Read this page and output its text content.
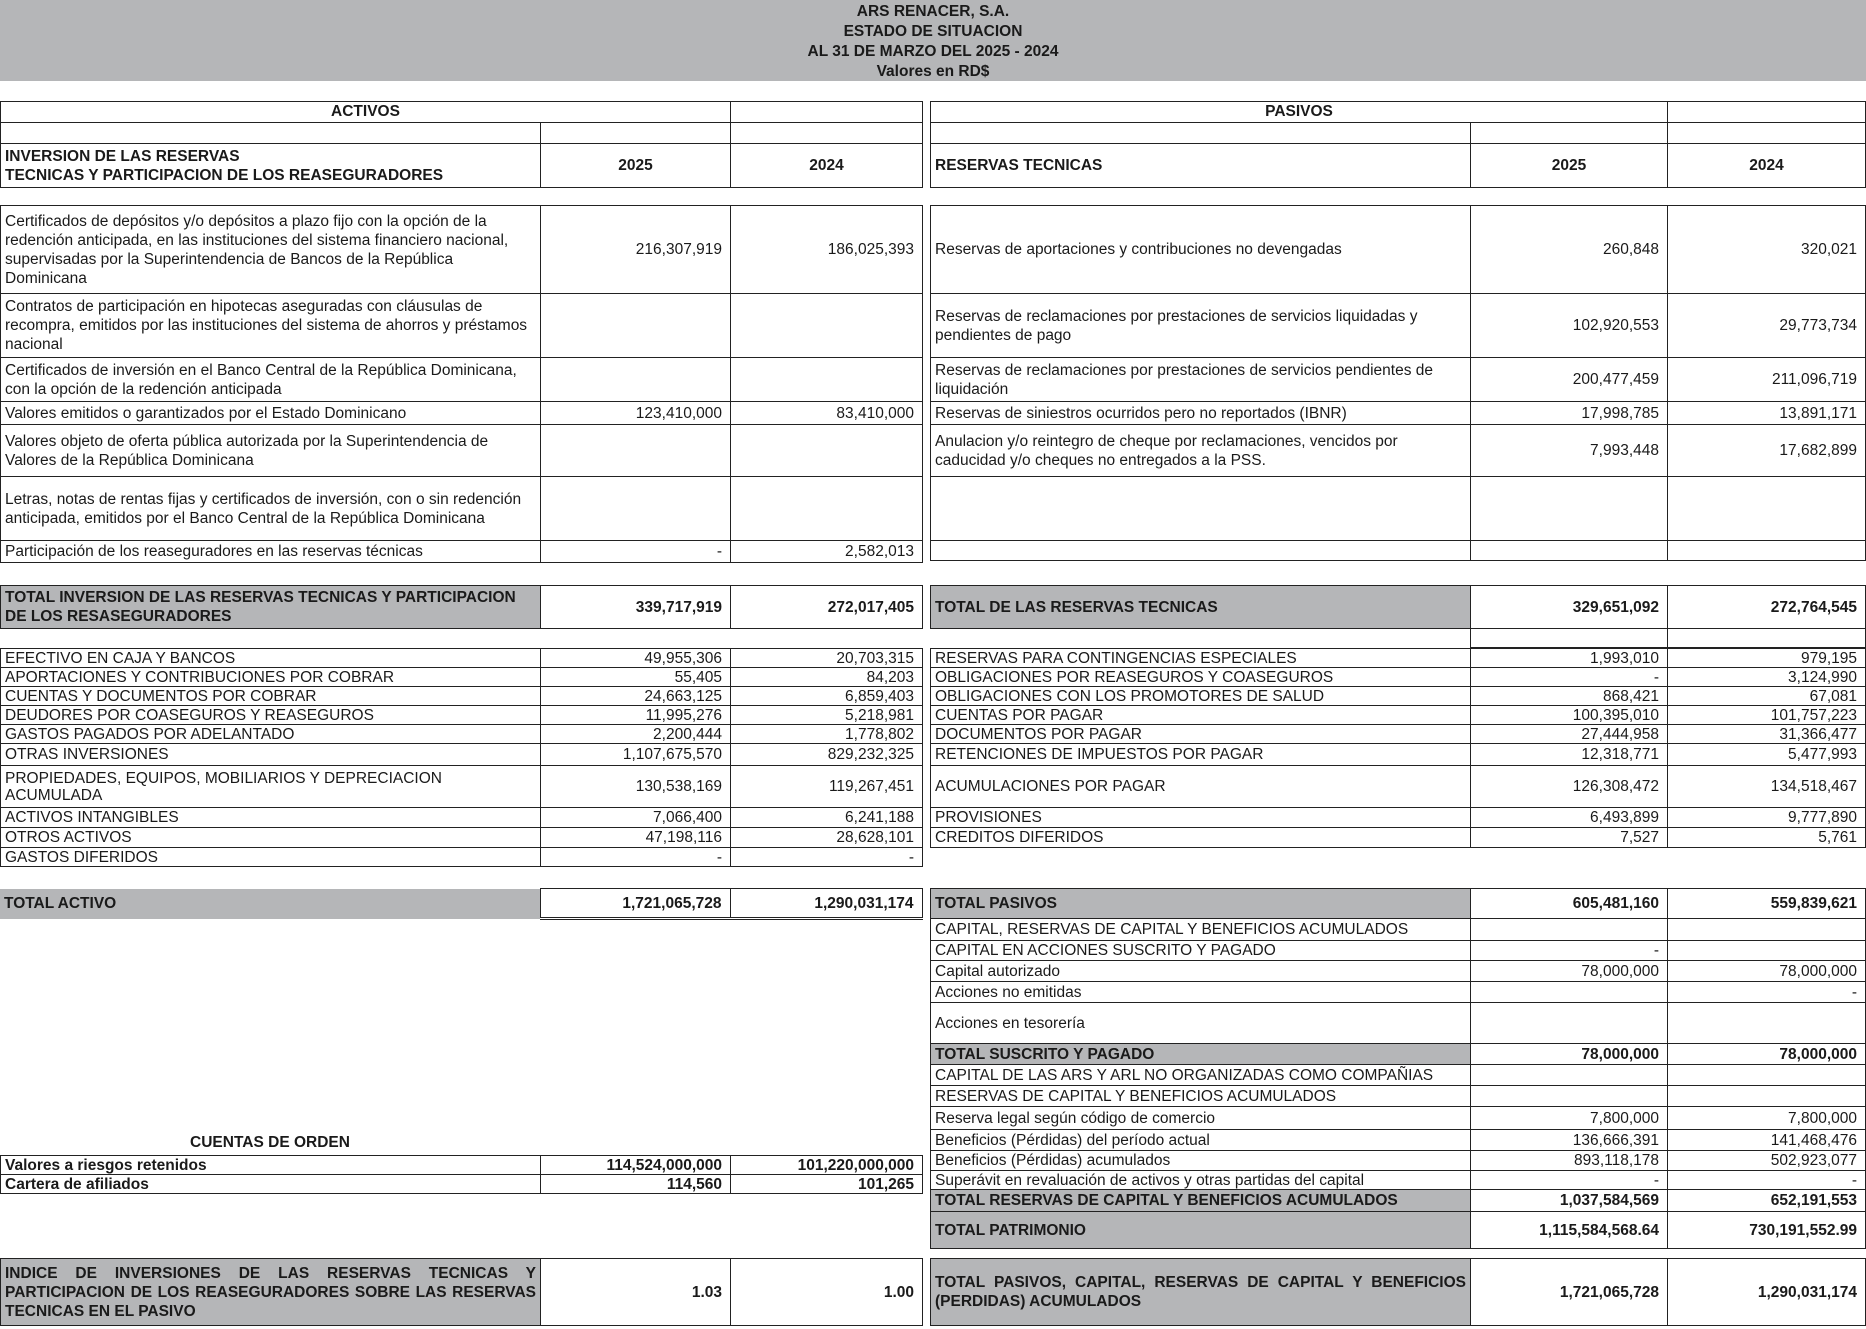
ARS RENACER, S.A.
ESTADO DE SITUACION
AL 31 DE MARZO DEL 2025 - 2024
Valores en RD$
ACTIVOS		

INVERSION DE LAS RESERVAS
TECNICAS Y PARTICIPACION DE LOS REASEGURADORES	2025	2024
Certificados de depósitos y/o depósitos a plazo fijo con la opción de la redención anticipada, en las instituciones del sistema financiero nacional, supervisadas por la Superintendencia de Bancos de la República Dominicana	216,307,919	186,025,393
Contratos de participación en hipotecas aseguradas con cláusulas de recompra, emitidos por las instituciones del sistema de ahorros y préstamos nacional		
Certificados de inversión en el Banco Central de la República Dominicana, con la opción de la redención anticipada		
Valores emitidos o garantizados por el Estado Dominicano	123,410,000	83,410,000
Valores objeto de oferta pública autorizada por la Superintendencia de Valores de la República Dominicana		
Letras, notas de rentas fijas y certificados de inversión, con o sin redención anticipada, emitidos por el Banco Central de la República Dominicana		
Participación de los reaseguradores en las reservas técnicas	-	2,582,013
TOTAL INVERSION DE LAS RESERVAS TECNICAS Y PARTICIPACION DE LOS RESASEGURADORES	339,717,919	272,017,405
EFECTIVO EN CAJA Y BANCOS	49,955,306	20,703,315
APORTACIONES Y CONTRIBUCIONES POR COBRAR	55,405	84,203
CUENTAS Y DOCUMENTOS POR COBRAR	24,663,125	6,859,403
DEUDORES POR COASEGUROS Y REASEGUROS	11,995,276	5,218,981
GASTOS PAGADOS POR ADELANTADO	2,200,444	1,778,802
OTRAS INVERSIONES	1,107,675,570	829,232,325
PROPIEDADES, EQUIPOS, MOBILIARIOS Y DEPRECIACION ACUMULADA	130,538,169	119,267,451
ACTIVOS INTANGIBLES	7,066,400	6,241,188
OTROS ACTIVOS	47,198,116	28,628,101
GASTOS DIFERIDOS	-	-
TOTAL ACTIVO	1,721,065,728	1,290,031,174
CUENTAS DE ORDEN
Valores a riesgos retenidos	114,524,000,000	101,220,000,000
Cartera de afiliados	114,560	101,265
INDICE DE INVERSIONES DE LAS RESERVAS TECNICAS Y PARTICIPACION DE LOS REASEGURADORES SOBRE LAS RESERVAS TECNICAS EN EL PASIVO	1.03	1.00
PASIVOS		

RESERVAS TECNICAS	2025	2024
Reservas de aportaciones y contribuciones no devengadas	260,848	320,021
Reservas de reclamaciones por prestaciones de servicios liquidadas y pendientes de pago	102,920,553	29,773,734
Reservas de reclamaciones por prestaciones de servicios pendientes de liquidación	200,477,459	211,096,719
Reservas de siniestros ocurridos pero no reportados (IBNR)	17,998,785	13,891,171
Anulacion y/o reintegro de cheque por reclamaciones, vencidos por caducidad y/o cheques no entregados a la PSS.	7,993,448	17,682,899

TOTAL DE LAS RESERVAS TECNICAS	329,651,092	272,764,545

RESERVAS PARA CONTINGENCIAS ESPECIALES	1,993,010	979,195
OBLIGACIONES POR REASEGUROS Y COASEGUROS	-	3,124,990
OBLIGACIONES CON LOS PROMOTORES DE SALUD	868,421	67,081
CUENTAS POR PAGAR	100,395,010	101,757,223
DOCUMENTOS POR PAGAR	27,444,958	31,366,477
RETENCIONES DE IMPUESTOS POR PAGAR	12,318,771	5,477,993
ACUMULACIONES POR PAGAR	126,308,472	134,518,467
PROVISIONES	6,493,899	9,777,890
CREDITOS DIFERIDOS	7,527	5,761
TOTAL PASIVOS	605,481,160	559,839,621
CAPITAL, RESERVAS DE CAPITAL Y BENEFICIOS ACUMULADOS		
CAPITAL EN ACCIONES SUSCRITO Y PAGADO	-	
Capital autorizado	78,000,000	78,000,000
Acciones no emitidas		-
Acciones en tesorería		
TOTAL SUSCRITO Y PAGADO	78,000,000	78,000,000
CAPITAL DE LAS ARS Y ARL NO ORGANIZADAS COMO COMPAÑIAS		
RESERVAS DE CAPITAL Y BENEFICIOS ACUMULADOS		
Reserva legal según código de comercio	7,800,000	7,800,000
Beneficios (Pérdidas) del período actual	136,666,391	141,468,476
Beneficios (Pérdidas) acumulados	893,118,178	502,923,077
Superávit en revaluación de activos y otras partidas del capital	-	-
TOTAL RESERVAS DE CAPITAL Y BENEFICIOS ACUMULADOS	1,037,584,569	652,191,553
TOTAL PATRIMONIO	1,115,584,568.64	730,191,552.99
TOTAL PASIVOS, CAPITAL, RESERVAS DE CAPITAL Y BENEFICIOS (PERDIDAS) ACUMULADOS	1,721,065,728	1,290,031,174
